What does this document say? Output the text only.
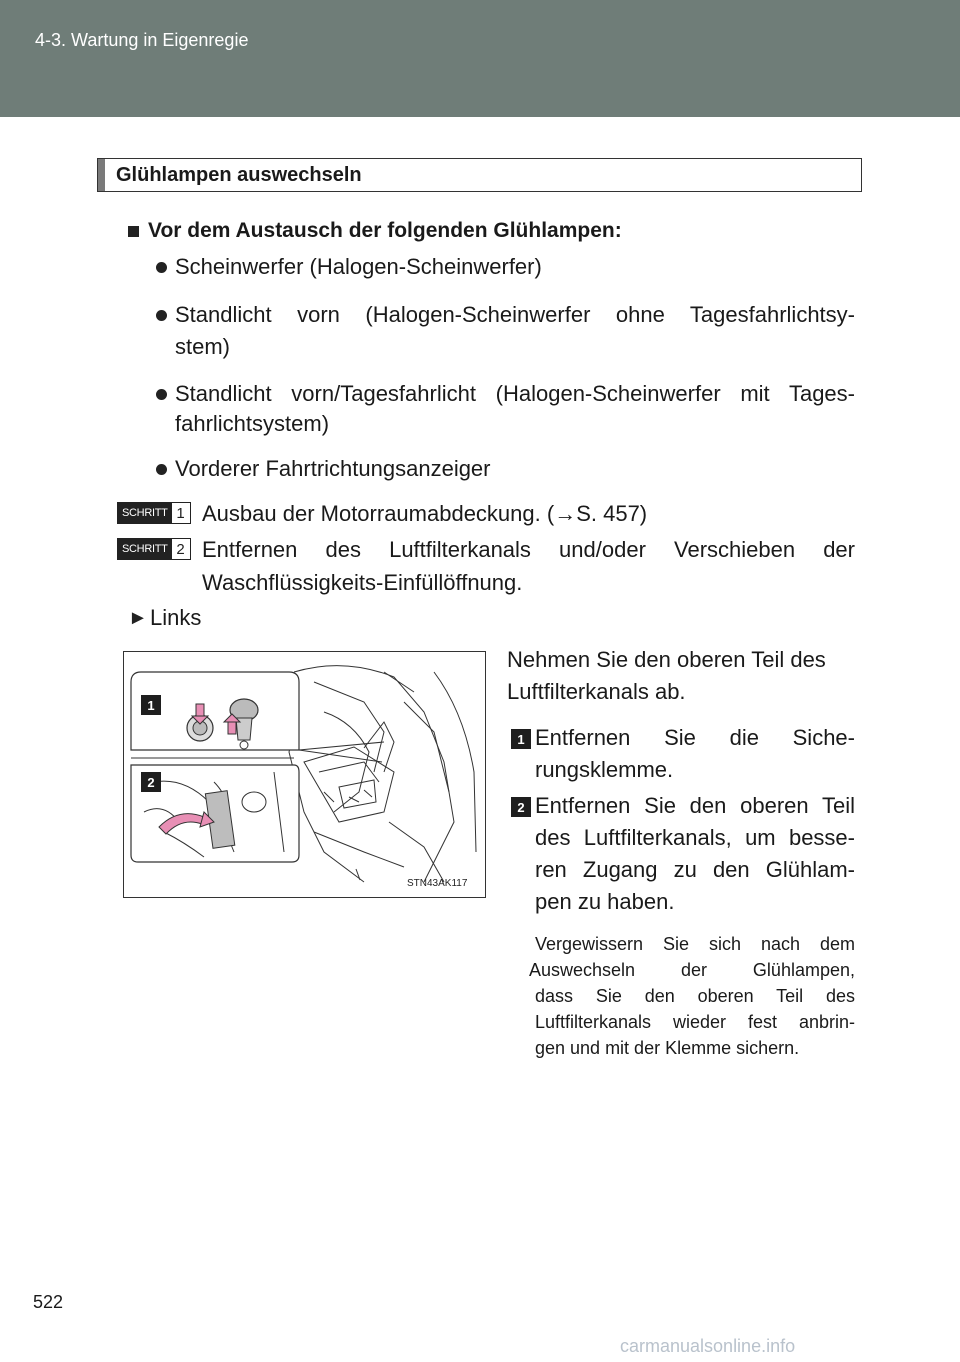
4-3. Wartung in Eigenregie
Glühlampen auswechseln
Vor dem Austausch der folgenden Glühlampen:
Scheinwerfer (Halogen-Scheinwerfer)
Standlicht vorn (Halogen-Scheinwerfer ohne Tagesfahrlichtsy-
stem)
Standlicht vorn/Tagesfahrlicht (Halogen-Scheinwerfer mit Tages-
fahrlichtsystem)
Vorderer Fahrtrichtungsanzeiger
SCHRITT 1 Ausbau der Motorraumabdeckung. (→S. 457)
SCHRITT 2 Entfernen des Luftfilterkanals und/oder Verschieben der
Waschflüssigkeits-Einfüllöffnung.
► Links
1
2
STN43AK117
Nehmen Sie den oberen Teil des
Luftfilterkanals ab.
1 Entfernen Sie die Siche-
rungsklemme.
2 Entfernen Sie den oberen Teil
des Luftfilterkanals, um besse-
ren Zugang zu den Glühlam-
pen zu haben.
Vergewissern Sie sich nach dem
Auswechseln der Glühlampen,
dass Sie den oberen Teil des
Luftfilterkanals wieder fest anbrin-
gen und mit der Klemme sichern.
522
carmanualsonline.info
